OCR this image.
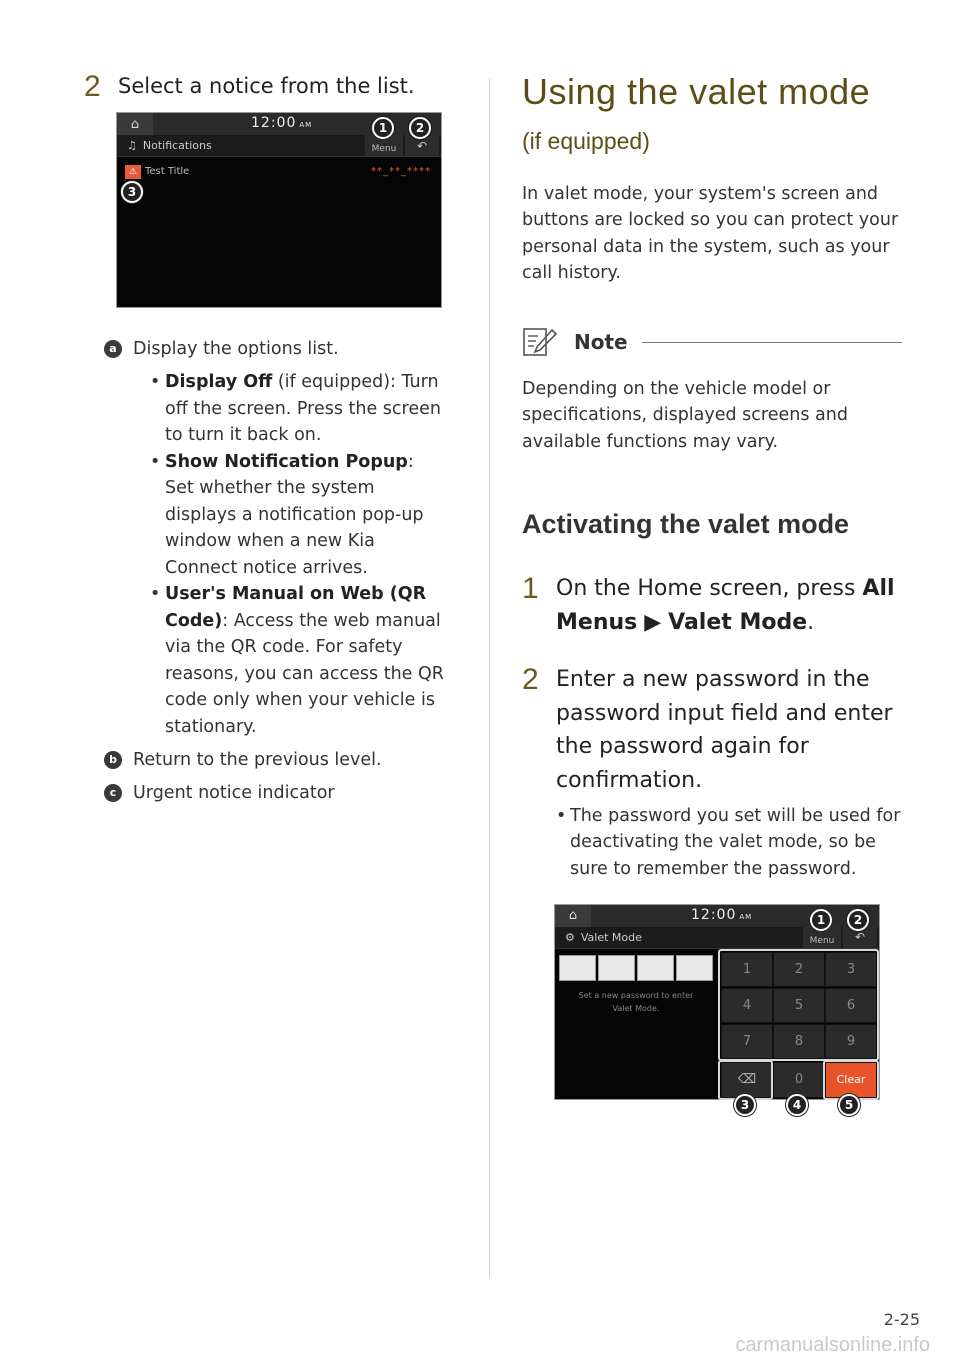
2 Select a notice from the list.
⌂	12:00 AM
♫ Notifications	Menu	↶
⚠ Test Title	**_**_****
1	2
3
a Display the options list.
• Display Off (if equipped): Turn off the screen. Press the screen to turn it back on.
• Show Notification Popup: Set whether the system displays a notification pop-up window when a new Kia Connect notice arrives.
• User's Manual on Web (QR Code): Access the web manual via the QR code. For safety reasons, you can access the QR code only when your vehicle is stationary.
b Return to the previous level.
c Urgent notice indicator
Using the valet mode
(if equipped)
In valet mode, your system's screen and buttons are locked so you can protect your personal data in the system, such as your call history.
Note
Depending on the vehicle model or specifications, displayed screens and available functions may vary.
Activating the valet mode
1 On the Home screen, press All Menus ▶ Valet Mode.
2 Enter a new password in the password input field and enter the password again for confirmation.
• The password you set will be used for deactivating the valet mode, so be sure to remember the password.
⌂	12:00 AM
⚙ Valet Mode	Menu	↶
Set a new password to enter
Valet Mode.
1	2	3
4	5	6
7	8	9
⌫	0	Clear
1	2
3	4	5
2-25
carmanualsonline.info
